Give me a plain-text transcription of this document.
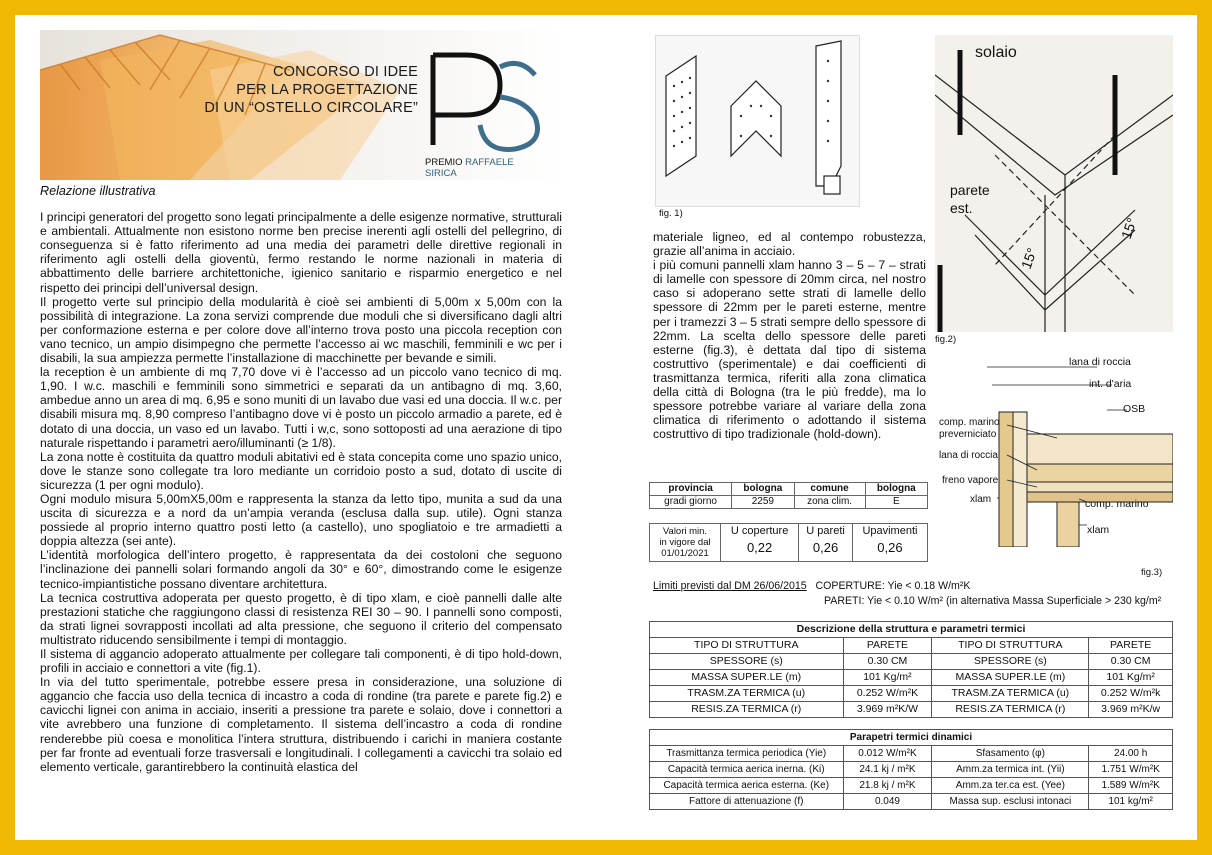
CONCORSO DI IDEE
PER LA PROGETTAZIONE
DI UN “OSTELLO CIRCOLARE”
PREMIO RAFFAELE SIRICA
Relazione illustrativa

I principi generatori del progetto sono legati principalmente a delle esigenze normative, strutturali e ambientali. Attualmente non esistono norme ben precise inerenti agli ostelli del pellegrino, di conseguenza si è fatto riferimento ad una media dei parametri delle direttive regionali in riferimento agli ostelli della gioventù, fermo restando le norme nazionali in materia di abbattimento delle barriere architettoniche, igienico sanitario e risparmio energetico e nel rispetto dei principi dell’universal design.

Il progetto verte sul principio della modularità è cioè sei ambienti di 5,00m x 5,00m con la possibilità di integrazione. La zona servizi comprende due moduli che si diversificano dagli altri per conformazione esterna e per colore dove all’interno trova posto una piccola reception con vano tecnico, un ampio disimpegno che permette l’accesso ai wc maschili, femminili e wc per i disabili, la sua ampiezza permette l’installazione di macchinette per bevande e simili.

la reception è un ambiente di mq 7,70 dove vi è l’accesso ad un piccolo vano tecnico di mq. 1,90. I w.c. maschili e femminili sono simmetrici e separati da un antibagno di mq. 3,60, ambedue anno un area di mq. 6,95 e sono muniti di un lavabo due vasi ed una doccia. Il w.c. per disabili misura mq. 8,90 compreso l’antibagno dove vi è posto un piccolo armadio a parete, ed è dotato di una doccia, un vaso ed un lavabo. Tutti i w,c, sono sottoposti ad una aerazione di tipo naturale rispettando i parametri aero/illuminanti (≥ 1/8).

La zona notte è costituita da quattro moduli abitativi ed è stata concepita come uno spazio unico, dove le stanze sono collegate tra loro mediante un corridoio posto a sud, dotato di uscite di sicurezza (1 per ogni modulo).

Ogni modulo misura 5,00mX5,00m e rappresenta la stanza da letto tipo, munita a sud da una uscita di sicurezza e a nord da un’ampia veranda (esclusa dalla sup. utile). Ogni stanza possiede al proprio interno quattro posti letto (a castello), uno spogliatoio e tre armadietti a doppia altezza (sei ante).

L’identità morfologica dell’intero progetto, è rappresentata da dei costoloni che seguono l’inclinazione dei pannelli solari formando angoli da 30° e 60°, dimostrando come le esigenze tecnico-impiantistiche possano diventare architettura.

La tecnica costruttiva adoperata per questo progetto, è di tipo xlam, e cioè pannelli dalle alte prestazioni statiche che raggiungono classi di resistenza REI 30 – 90. I pannelli sono composti, da strati lignei sovrapposti incollati ad alta pressione, che seguono il criterio del compensato multistrato riducendo sensibilmente i tempi di montaggio.

Il sistema di aggancio adoperato attualmente per collegare tali componenti, è di tipo hold-down, profili in acciaio e connettori a vite (fig.1).

In via del tutto sperimentale, potrebbe essere presa in considerazione, una soluzione di aggancio che faccia uso della tecnica di incastro a coda di rondine (tra parete e parete fig.2) e cavicchi lignei con anima in acciaio, inseriti a pressione tra parete e solaio, dove i connettori a vite avrebbero una funzione di completamento. Il sistema dell’incastro a coda di rondine renderebbe più coesa e monolitica l’intera struttura, distribuendo i carichi in maniera costante per far fronte ad eventuali forze trasversali e longitudinali. I collegamenti a cavicchi tra solaio ed elemento verticale, garantirebbero la continuità elastica del

fig. 1)
solaio
parete
est.
15°
15°
fig.2)
lana di roccia
int. d'aria
OSB
comp. marino
preverniciato
lana di roccia
freno vapore
xlam	comp. marino
xlam
fig.3)

materiale ligneo, ed al contempo robustezza, grazie all’anima in acciaio.

i più comuni pannelli xlam hanno 3 – 5 – 7 – strati di lamelle con spessore di 20mm circa, nel nostro caso si adoperano sette strati di lamelle dello spessore di 22mm per le pareti esterne, mentre per i tramezzi 3 – 5 strati sempre dello spessore di 22mm. La scelta dello spessore delle pareti esterne (fig.3), è dettata dal tipo di sistema costruttivo (sperimentale) e dai coefficienti di trasmittanza termica, riferiti alla zona climatica della città di Bologna (tra le più fredde), ma lo spessore potrebbe variare al variare della zona climatica di riferimento o adottando il sistema costruttivo di tipo tradizionale (hold-down).

provincia	bologna	comune	bologna
gradi giorno	2259	zona clim.	E
Valori min.
in vigore dal
01/01/2021	U coperture	U pareti	Upavimenti
	0,22	0,26	0,26
Limiti previsti dal DM 26/06/2015 COPERTURE: Yie < 0.18 W/m²K
PARETI: Yie < 0.10 W/m² (in alternativa Massa Superficiale > 230 kg/m²
Descrizione della struttura e parametri termici			
TIPO DI STRUTTURA	PARETE	TIPO DI STRUTTURA	PARETE
SPESSORE (s)	0.30 CM	SPESSORE (s)	0.30 CM
MASSA SUPER.LE (m)	101 Kg/m²	MASSA SUPER.LE (m)	101 Kg/m²
TRASM.ZA TERMICA (u)	0.252 W/m²K	TRASM.ZA TERMICA (u)	0.252 W/m²k
RESIS.ZA TERMICA (r)	3.969 m²K/W	RESIS.ZA TERMICA (r)	3.969 m²K/w
Parapetri termici dinamici			
Trasmittanza termica periodica (Yie)	0.012 W/m²K	Sfasamento (φ)	24.00 h
Capacità termica aerica inerna. (Ki)	24.1 kj / m²K	Amm.za termica int. (Yii)	1.751 W/m²K
Capacità termica aerica esterna. (Ke)	21.8 kj / m²K	Amm.za ter.ca est. (Yee)	1.589 W/m²K
Fattore di attenuazione (f)	0.049	Massa sup. esclusi intonaci	101 kg/m²
